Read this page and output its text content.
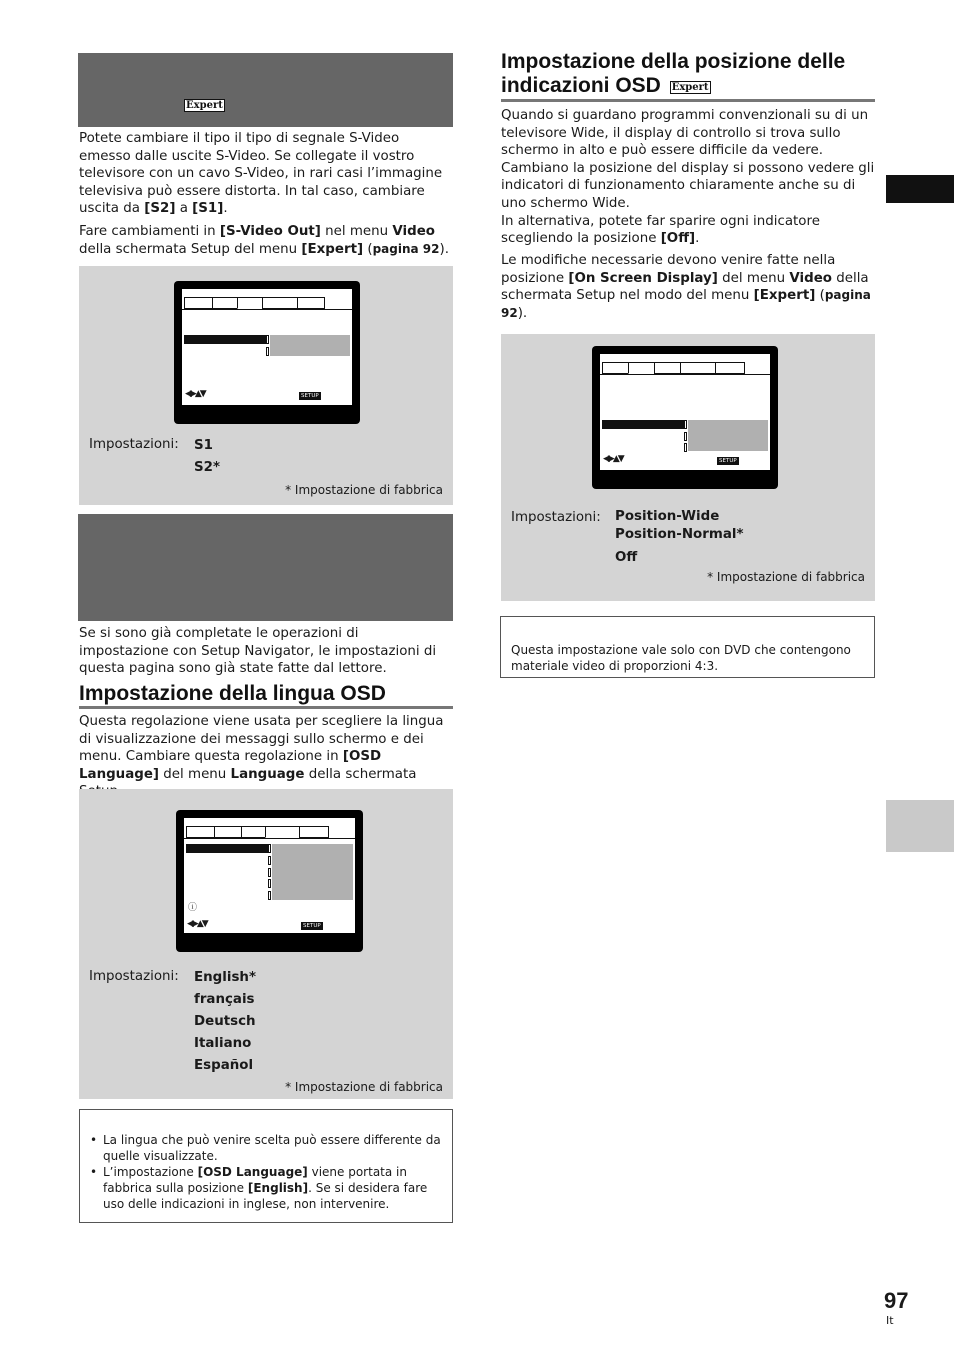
Expert

Potete cambiare il tipo il tipo di segnale S-Video emesso dalle uscite S-Video. Se collegate il vostro televisore con un cavo S-Video, in rari casi l’immagine televisiva può essere distorta. In tal caso, cambiare uscita da [S2] a [S1].

Fare cambiamenti in [S-Video Out] nel menu Video della schermata Setup del menu [Expert] (pagina 92).

◀▶▲▼	SETUP
Impostazioni: S1
S2*
* Impostazione di fabbrica

Se si sono già completate le operazioni di impostazione con Setup Navigator, le impostazioni di questa pagina sono già state fatte dal lettore.

Impostazione della lingua OSD

Questa regolazione viene usata per scegliere la lingua di visualizzazione dei messaggi sullo schermo e dei menu. Cambiare questa regolazione in [OSD Language] del menu Language della schermata

ⓘ
◀▶▲▼	SETUP
Impostazioni: English*
français
Deutsch
Italiano
Español
* Impostazione di fabbrica
• La lingua che può venire scelta può essere differente da quelle visualizzate.
• L’impostazione [OSD Language] viene portata in fabbrica sulla posizione [English]. Se si desidera fare uso delle indicazioni in inglese, non intervenire.
Impostazione della posizione delle
indicazioni OSD Expert

Quando si guardano programmi convenzionali su di un televisore Wide, il display di controllo si trova sullo schermo in alto e può essere difficile da vedere. Cambiano la posizione del display si possono vedere gli indicatori di funzionamento chiaramente anche su di uno schermo Wide.
In alternativa, potete far sparire ogni indicatore scegliendo la posizione [Off].

Le modifiche necessarie devono venire fatte nella posizione [On Screen Display] del menu Video della schermata Setup nel modo del menu [Expert] (pagina 92).

◀▶▲▼	SETUP
Impostazioni: Position-Wide
Position-Normal*
Off
* Impostazione di fabbrica

Questa impostazione vale solo con DVD che contengono materiale video di proporzioni 4:3.

97
It
